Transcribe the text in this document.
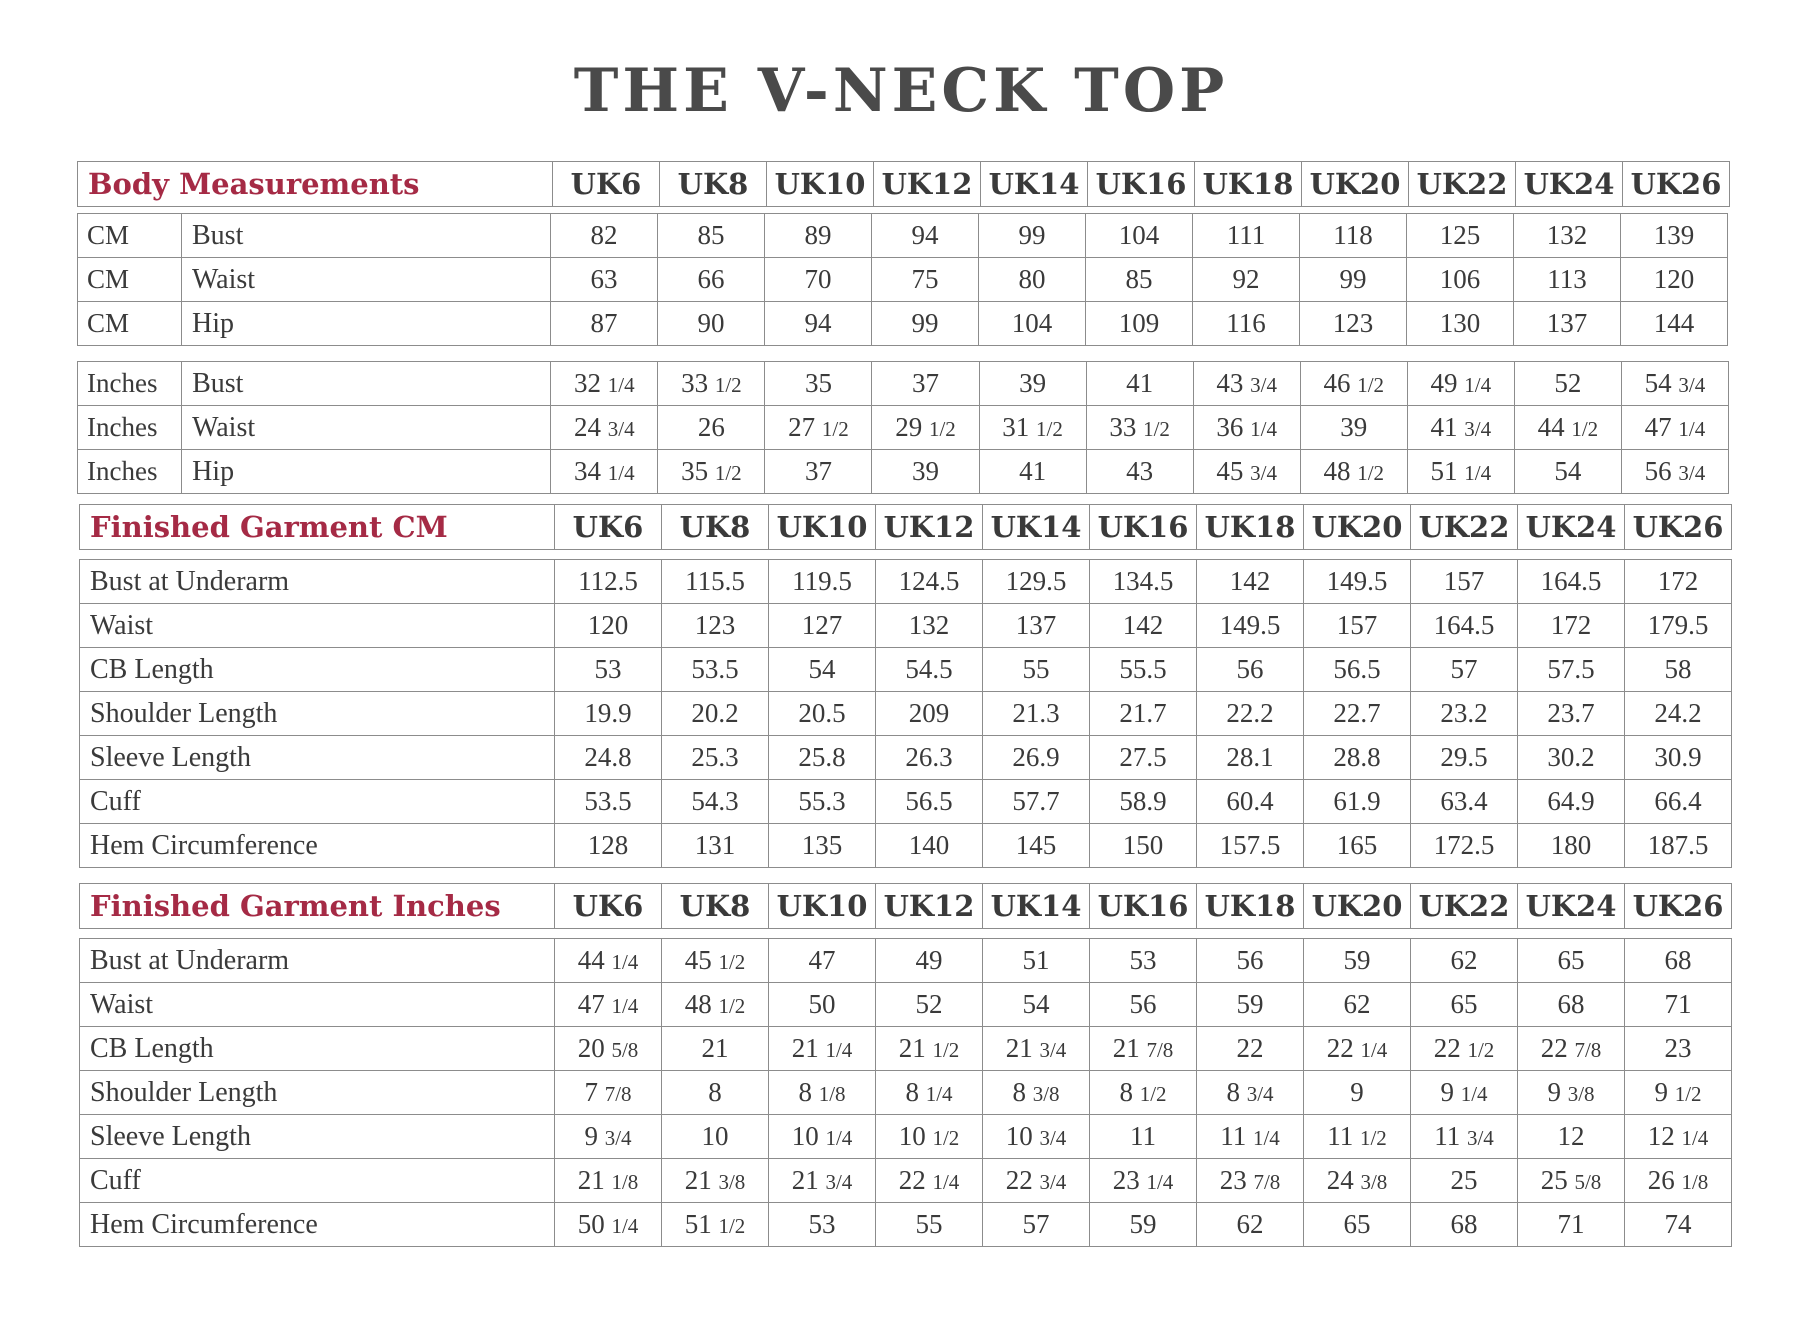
THE V-NECK TOP
Body Measurements	UK6	UK8	UK10	UK12	UK14	UK16	UK18	UK20	UK22	UK24	UK26
CM	Bust	82	85	89	94	99	104	111	118	125	132	139
CM	Waist	63	66	70	75	80	85	92	99	106	113	120
CM	Hip	87	90	94	99	104	109	116	123	130	137	144
Inches	Bust	32 1/4	33 1/2	35	37	39	41	43 3/4	46 1/2	49 1/4	52	54 3/4
Inches	Waist	24 3/4	26	27 1/2	29 1/2	31 1/2	33 1/2	36 1/4	39	41 3/4	44 1/2	47 1/4
Inches	Hip	34 1/4	35 1/2	37	39	41	43	45 3/4	48 1/2	51 1/4	54	56 3/4
Finished Garment CM	UK6	UK8	UK10	UK12	UK14	UK16	UK18	UK20	UK22	UK24	UK26
Bust at Underarm	112.5	115.5	119.5	124.5	129.5	134.5	142	149.5	157	164.5	172
Waist	120	123	127	132	137	142	149.5	157	164.5	172	179.5
CB Length	53	53.5	54	54.5	55	55.5	56	56.5	57	57.5	58
Shoulder Length	19.9	20.2	20.5	209	21.3	21.7	22.2	22.7	23.2	23.7	24.2
Sleeve Length	24.8	25.3	25.8	26.3	26.9	27.5	28.1	28.8	29.5	30.2	30.9
Cuff	53.5	54.3	55.3	56.5	57.7	58.9	60.4	61.9	63.4	64.9	66.4
Hem Circumference	128	131	135	140	145	150	157.5	165	172.5	180	187.5
Finished Garment Inches	UK6	UK8	UK10	UK12	UK14	UK16	UK18	UK20	UK22	UK24	UK26
Bust at Underarm	44 1/4	45 1/2	47	49	51	53	56	59	62	65	68
Waist	47 1/4	48 1/2	50	52	54	56	59	62	65	68	71
CB Length	20 5/8	21	21 1/4	21 1/2	21 3/4	21 7/8	22	22 1/4	22 1/2	22 7/8	23
Shoulder Length	7 7/8	8	8 1/8	8 1/4	8 3/8	8 1/2	8 3/4	9	9 1/4	9 3/8	9 1/2
Sleeve Length	9 3/4	10	10 1/4	10 1/2	10 3/4	11	11 1/4	11 1/2	11 3/4	12	12 1/4
Cuff	21 1/8	21 3/8	21 3/4	22 1/4	22 3/4	23 1/4	23 7/8	24 3/8	25	25 5/8	26 1/8
Hem Circumference	50 1/4	51 1/2	53	55	57	59	62	65	68	71	74
